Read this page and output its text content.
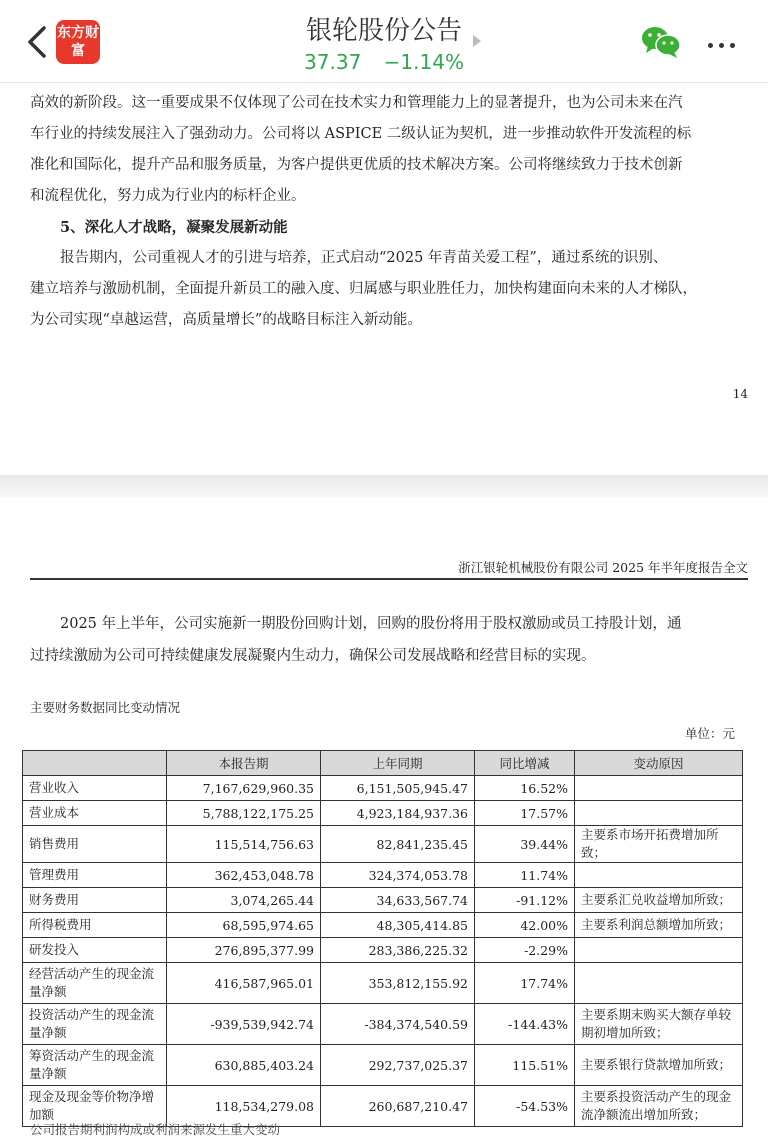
东方财富
银轮股份公告
37.37 −1.14%
高效的新阶段。这一重要成果不仅体现了公司在技术实力和管理能力上的显著提升，也为公司未来在汽
车行业的持续发展注入了强劲动力。公司将以 ASPICE 二级认证为契机，进一步推动软件开发流程的标
准化和国际化，提升产品和服务质量，为客户提供更优质的技术解决方案。公司将继续致力于技术创新
和流程优化，努力成为行业内的标杆企业。
5、深化人才战略，凝聚发展新动能
报告期内，公司重视人才的引进与培养，正式启动“2025 年青苗关爱工程”，通过系统的识别、
建立培养与激励机制，全面提升新员工的融入度、归属感与职业胜任力，加快构建面向未来的人才梯队，
为公司实现“卓越运营，高质量增长”的战略目标注入新动能。
14
浙江银轮机械股份有限公司 2025 年半年度报告全文
2025 年上半年，公司实施新一期股份回购计划，回购的股份将用于股权激励或员工持股计划，通
过持续激励为公司可持续健康发展凝聚内生动力，确保公司发展战略和经营目标的实现。
主要财务数据同比变动情况
单位：元
	本报告期	上年同期	同比增减	变动原因
营业收入	7,167,629,960.35	6,151,505,945.47	16.52%	
营业成本	5,788,122,175.25	4,923,184,937.36	17.57%	
销售费用	115,514,756.63	82,841,235.45	39.44%	主要系市场开拓费增加所致；
管理费用	362,453,048.78	324,374,053.78	11.74%	
财务费用	3,074,265.44	34,633,567.74	-91.12%	主要系汇兑收益增加所致；
所得税费用	68,595,974.65	48,305,414.85	42.00%	主要系利润总额增加所致；
研发投入	276,895,377.99	283,386,225.32	-2.29%	
经营活动产生的现金流量净额	416,587,965.01	353,812,155.92	17.74%	
投资活动产生的现金流量净额	-939,539,942.74	-384,374,540.59	-144.43%	主要系期末购买大额存单较期初增加所致；
筹资活动产生的现金流量净额	630,885,403.24	292,737,025.37	115.51%	主要系银行贷款增加所致；
现金及现金等价物净增加额	118,534,279.08	260,687,210.47	-54.53%	主要系投资活动产生的现金流净额流出增加所致；
公司报告期利润构成或利润来源发生重大变动
